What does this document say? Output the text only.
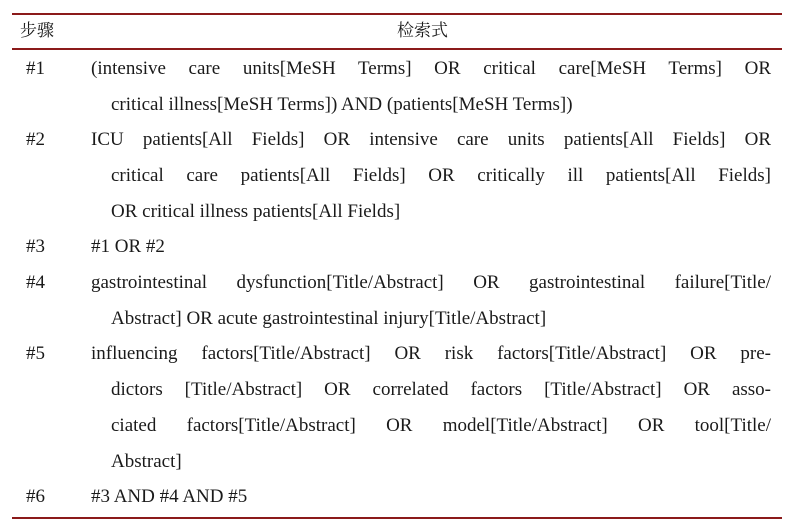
步骤	检索式
#1 (intensive care units[MeSH Terms] OR critical care[MeSH Terms] OR
critical illness[MeSH Terms]) AND (patients[MeSH Terms])
#2 ICU patients[All Fields] OR intensive care units patients[All Fields] OR
critical care patients[All Fields] OR critically ill patients[All Fields]
OR critical illness patients[All Fields]
#3 #1 OR #2
#4 gastrointestinal dysfunction[Title/Abstract] OR gastrointestinal failure[Title/
Abstract] OR acute gastrointestinal injury[Title/Abstract]
#5 influencing factors[Title/Abstract] OR risk factors[Title/Abstract] OR pre-
dictors [Title/Abstract] OR correlated factors [Title/Abstract] OR asso-
ciated factors[Title/Abstract] OR model[Title/Abstract] OR tool[Title/
Abstract]
#6 #3 AND #4 AND #5
